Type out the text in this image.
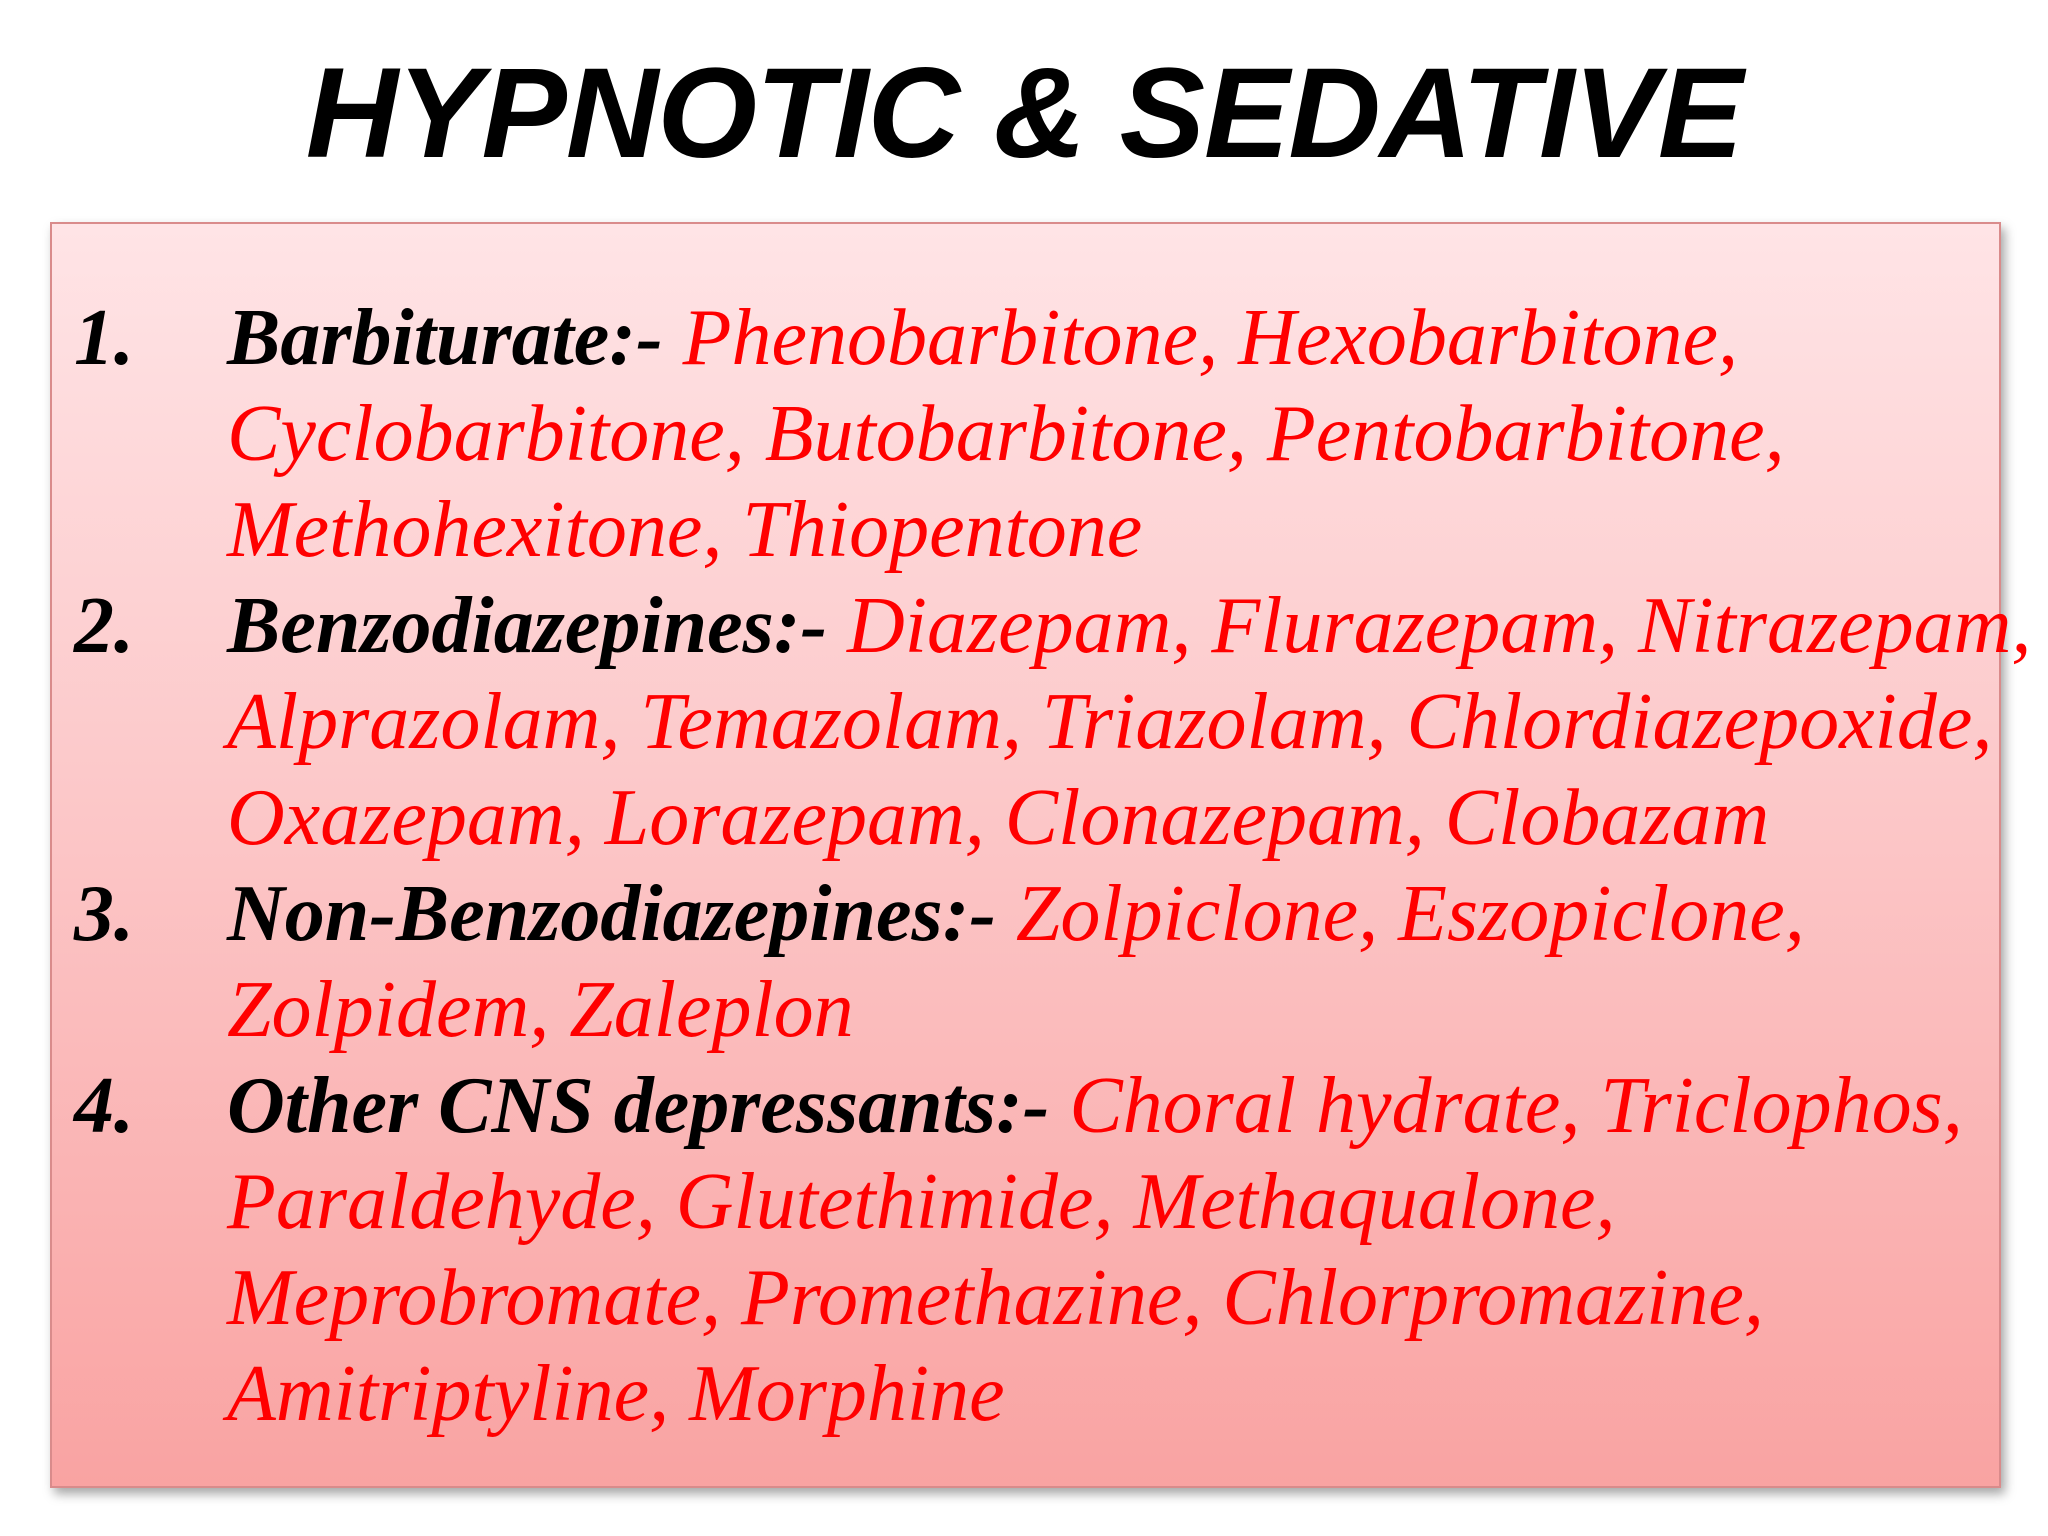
HYPNOTIC & SEDATIVE
1. Barbiturate:- Phenobarbitone, Hexobarbitone,
Cyclobarbitone, Butobarbitone, Pentobarbitone,
Methohexitone, Thiopentone
2. Benzodiazepines:- Diazepam, Flurazepam, Nitrazepam,
Alprazolam, Temazolam, Triazolam, Chlordiazepoxide,
Oxazepam, Lorazepam, Clonazepam, Clobazam
3. Non-Benzodiazepines:- Zolpiclone, Eszopiclone,
Zolpidem, Zaleplon
4. Other CNS depressants:- Choral hydrate, Triclophos,
Paraldehyde, Glutethimide, Methaqualone,
Meprobromate, Promethazine, Chlorpromazine,
Amitriptyline, Morphine
